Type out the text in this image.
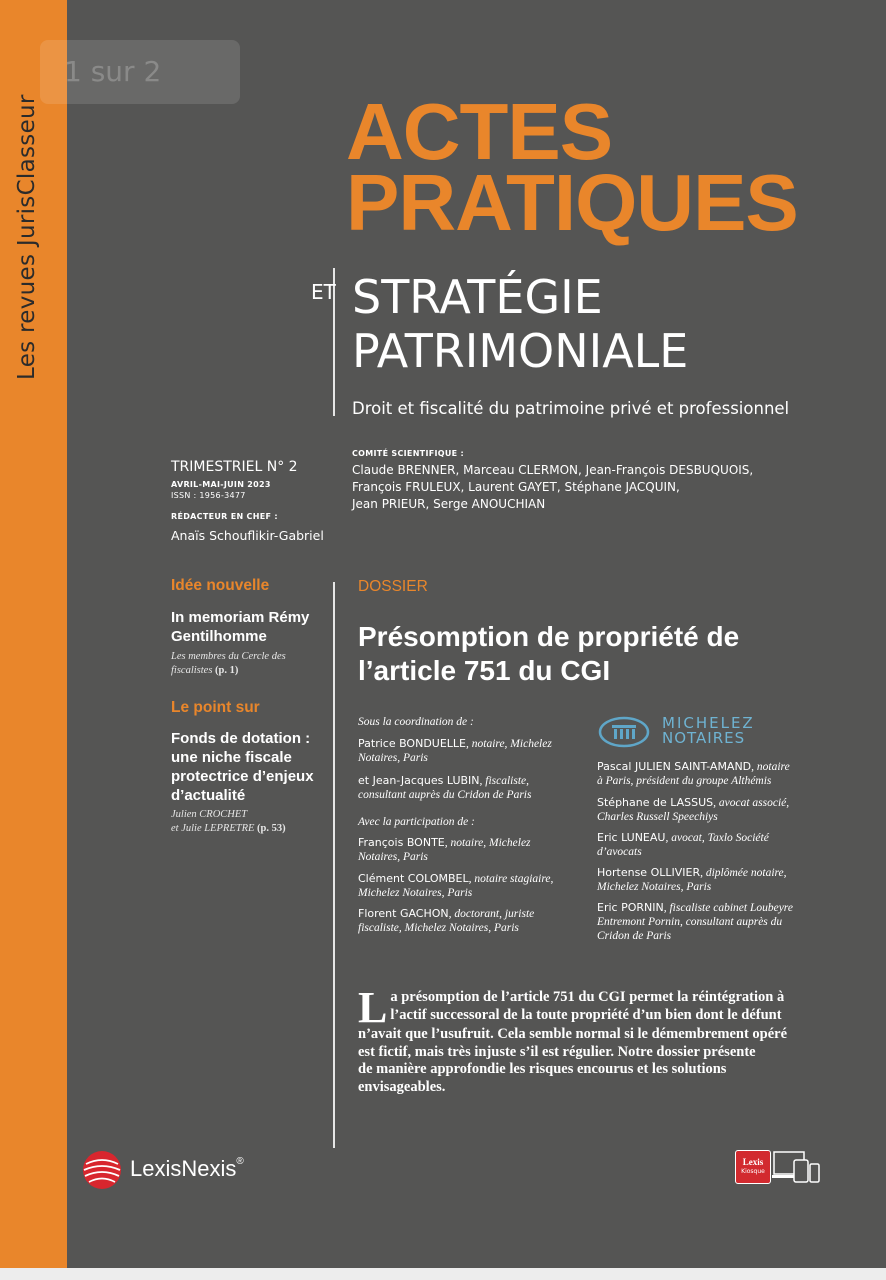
Les revues JurisClasseur
1 sur 2
ACTES
PRATIQUES
ET STRATÉGIE
PATRIMONIALE
Droit et fiscalité du patrimoine privé et professionnel
TRIMESTRIEL N° 2
AVRIL-MAI-JUIN 2023
ISSN : 1956-3477
RÉDACTEUR EN CHEF :
Anaïs Schouflikir-Gabriel
COMITÉ SCIENTIFIQUE :
Claude BRENNER, Marceau CLERMON, Jean-François DESBUQUOIS,
François FRULEUX, Laurent GAYET, Stéphane JACQUIN,
Jean PRIEUR, Serge ANOUCHIAN
Idée nouvelle
In memoriam Rémy
Gentilhomme
Les membres du Cercle des
fiscalistes (p. 1)
Le point sur
Fonds de dotation :
une niche fiscale
protectrice d’enjeux
d’actualité
Julien CROCHET
et Julie LEPRETRE (p. 53)
DOSSIER
Présomption de propriété de
l’article 751 du CGI
Sous la coordination de :
Patrice BONDUELLE, notaire, Michelez
Notaires, Paris
et Jean-Jacques LUBIN, fiscaliste,
consultant auprès du Cridon de Paris
Avec la participation de :
François BONTE, notaire, Michelez
Notaires, Paris
Clément COLOMBEL, notaire stagiaire,
Michelez Notaires, Paris
Florent GACHON, doctorant, juriste
fiscaliste, Michelez Notaires, Paris
MICHELEZ
NOTAIRES
Pascal JULIEN SAINT-AMAND, notaire
à Paris, président du groupe Althémis
Stéphane de LASSUS, avocat associé,
Charles Russell Speechiys
Eric LUNEAU, avocat, Taxlo Société
d’avocats
Hortense OLLIVIER, diplômée notaire,
Michelez Notaires, Paris
Eric PORNIN, fiscaliste cabinet Loubeyre
Entremont Pornin, consultant auprès du
Cridon de Paris
L a présomption de l’article 751 du CGI permet la réintégration à
l’actif successoral de la toute propriété d’un bien dont le défunt
n’avait que l’usufruit. Cela semble normal si le démembrement opéré
est fictif, mais très injuste s’il est régulier. Notre dossier présente
de manière approfondie les risques encourus et les solutions
envisageables.
LexisNexis®	Lexis
Kiosque
